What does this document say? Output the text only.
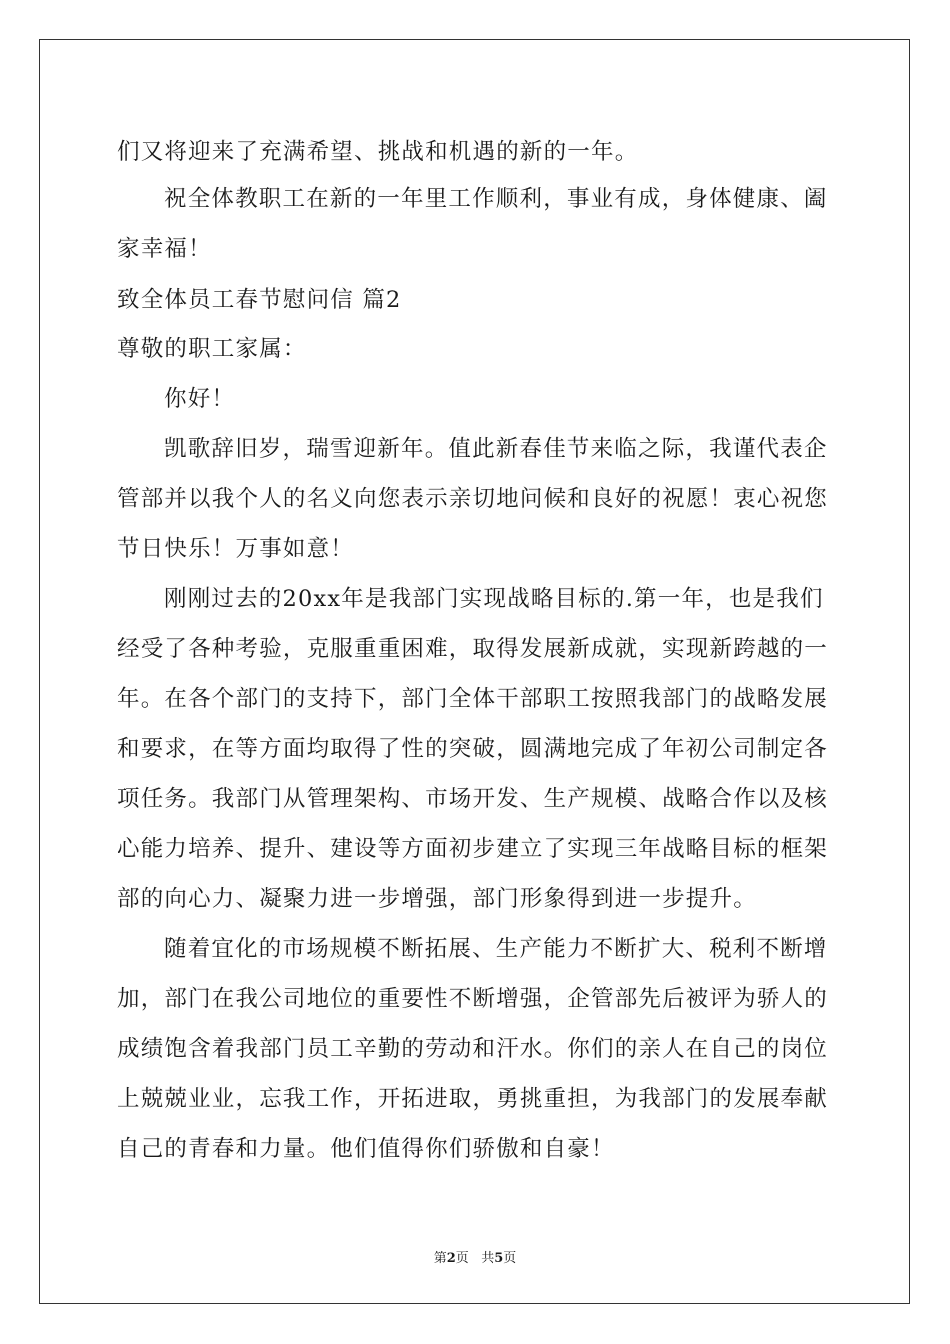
们又将迎来了充满希望、挑战和机遇的新的一年。
祝全体教职工在新的一年里工作顺利，事业有成，身体健康、阖
家幸福！
致全体员工春节慰问信 篇2
尊敬的职工家属：
你好！
凯歌辞旧岁，瑞雪迎新年。值此新春佳节来临之际，我谨代表企
管部并以我个人的名义向您表示亲切地问候和良好的祝愿！衷心祝您
节日快乐！万事如意！
刚刚过去的20xx年是我部门实现战略目标的.第一年，也是我们
经受了各种考验，克服重重困难，取得发展新成就，实现新跨越的一
年。在各个部门的支持下，部门全体干部职工按照我部门的战略发展
和要求，在等方面均取得了性的突破，圆满地完成了年初公司制定各
项任务。我部门从管理架构、市场开发、生产规模、战略合作以及核
心能力培养、提升、建设等方面初步建立了实现三年战略目标的框架
部的向心力、凝聚力进一步增强，部门形象得到进一步提升。
随着宜化的市场规模不断拓展、生产能力不断扩大、税利不断增
加，部门在我公司地位的重要性不断增强，企管部先后被评为骄人的
成绩饱含着我部门员工辛勤的劳动和汗水。你们的亲人在自己的岗位
上兢兢业业，忘我工作，开拓进取，勇挑重担，为我部门的发展奉献
自己的青春和力量。他们值得你们骄傲和自豪！
第2页 共5页
